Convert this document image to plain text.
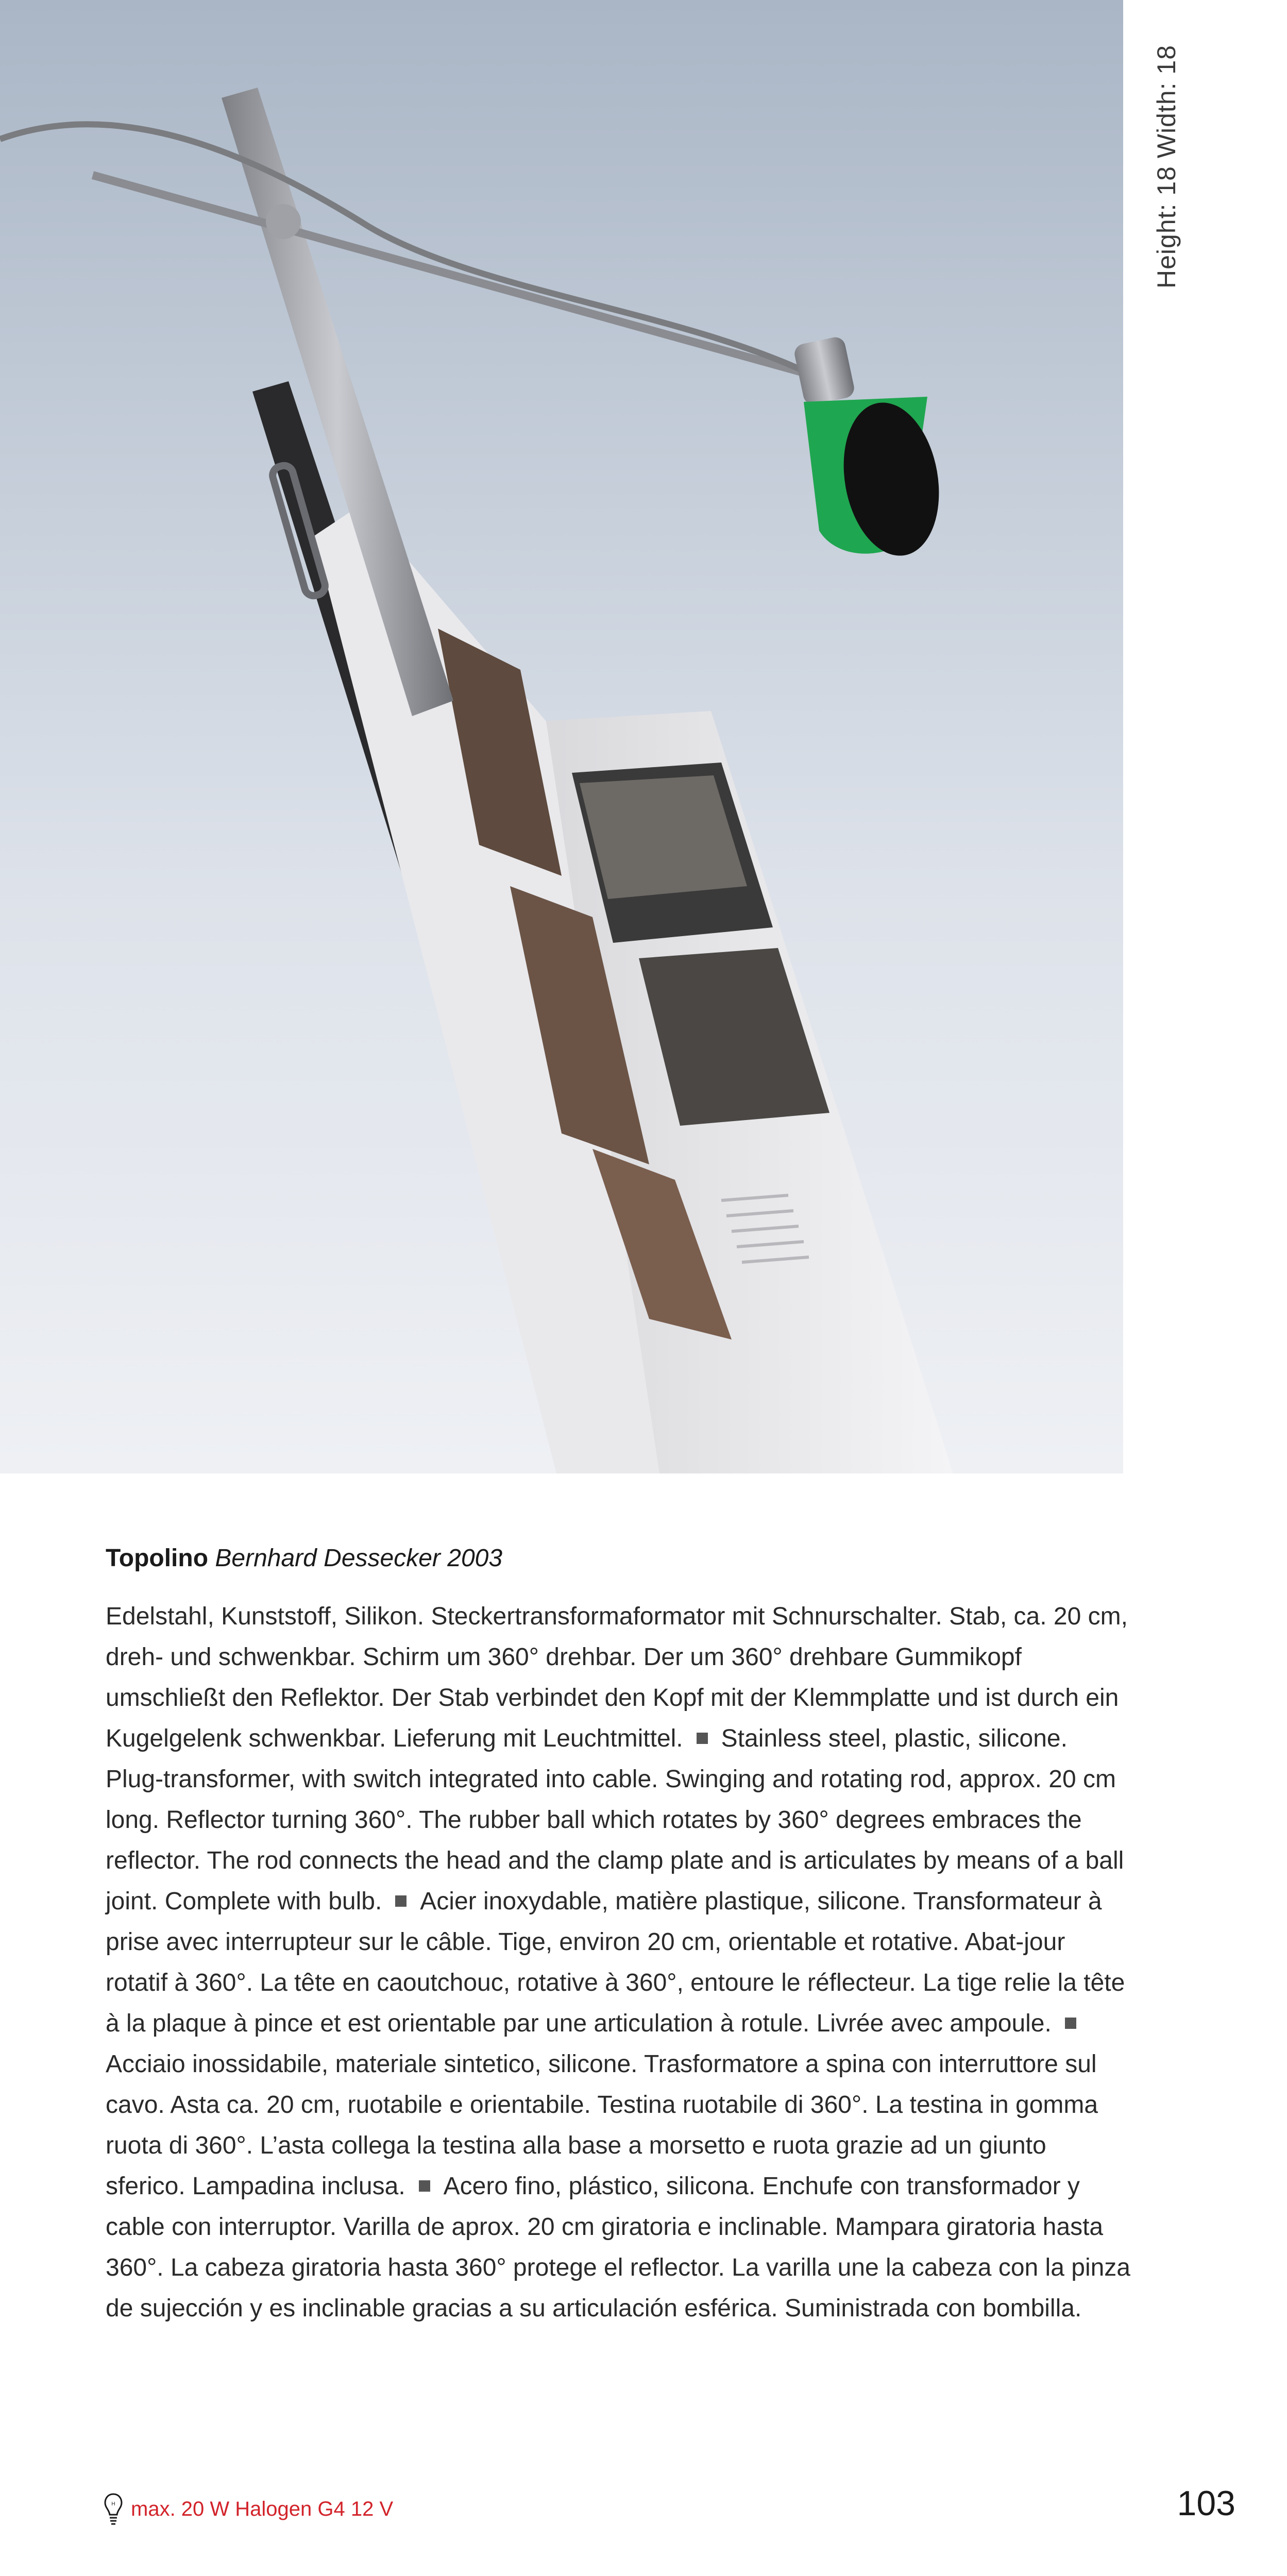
Height: 18 Width: 18
Topolino Bernhard Dessecker 2003
Edelstahl, Kunststoff, Silikon. Steckertransformaformator mit Schnurschalter. Stab, ca. 20 cm, dreh- und schwenkbar. Schirm um 360° drehbar. Der um 360° drehbare Gummikopf umschließt den Reflektor. Der Stab verbindet den Kopf mit der Klemmplatte und ist durch ein Kugelgelenk schwenkbar. Lieferung mit Leuchtmittel. Stainless steel, plastic, silicone. Plug-transformer, with switch integrated into cable. Swinging and rotating rod, approx. 20 cm long. Reflector turning 360°. The rubber ball which rotates by 360° degrees embraces the reflector. The rod connects the head and the clamp plate and is articulates by means of a ball joint. Complete with bulb. Acier inoxydable, matière plastique, silicone. Transformateur à prise avec interrupteur sur le câble. Tige, environ 20 cm, orientable et rotative. Abat-jour rotatif à 360°. La tête en caoutchouc, rotative à 360°, entoure le réflecteur. La tige relie la tête à la plaque à pince et est orientable par une articulation à rotule. Livrée avec ampoule.Acciaio inossidabile, materiale sintetico, silicone. Trasformatore a spina con interruttore sul cavo. Asta ca. 20 cm, ruotabile e orientabile. Testina ruotabile di 360°. La testina in gomma ruota di 360°. L’asta collega la testina alla base a morsetto e ruota grazie ad un giunto sferico. Lampadina inclusa. Acero fino, plástico, silicona. Enchufe con transformador y cable con interruptor. Varilla de aprox. 20 cm giratoria e inclinable. Mampara giratoria hasta 360°. La cabeza giratoria hasta 360° protege el reflector. La varilla une la cabeza con la pinza de sujección y es inclinable gracias a su articulación esférica. Suministrada con bombilla.
H max. 20 W Halogen G4 12 V	103
